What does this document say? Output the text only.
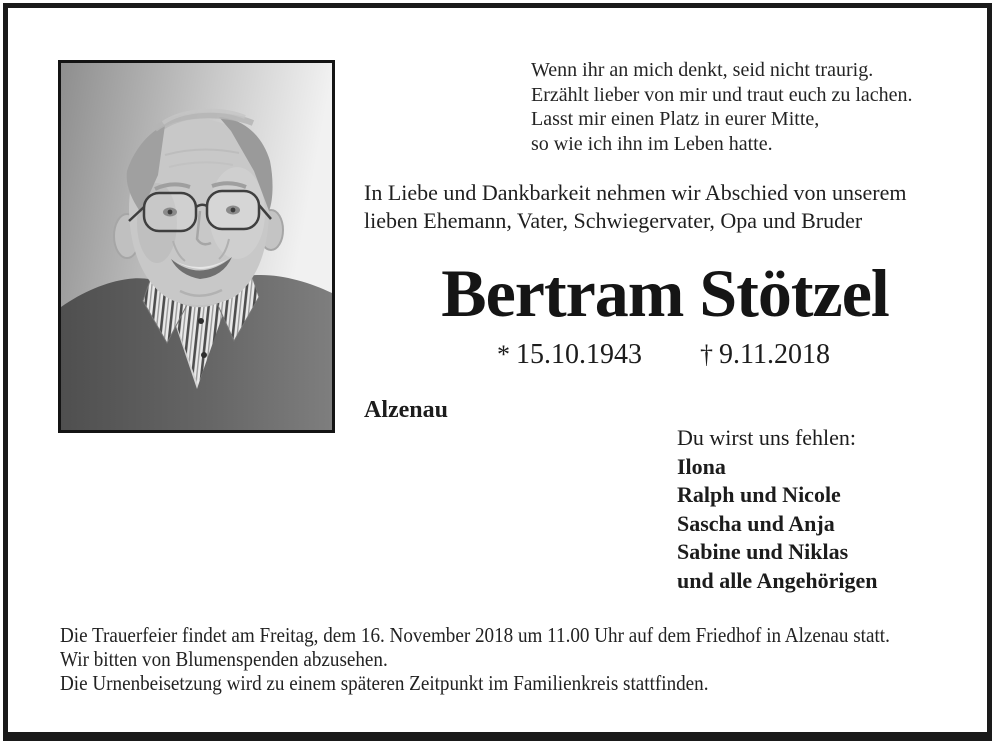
Wenn ihr an mich denkt, seid nicht traurig.
Erzählt lieber von mir und traut euch zu lachen.
Lasst mir einen Platz in eurer Mitte,
so wie ich ihn im Leben hatte.
In Liebe und Dankbarkeit nehmen wir Abschied von unserem
lieben Ehemann, Vater, Schwiegervater, Opa und Bruder
Bertram Stötzel
* 15.10.1943 † 9.11.2018
Alzenau
Du wirst uns fehlen:
Ilona
Ralph und Nicole
Sascha und Anja
Sabine und Niklas
und alle Angehörigen
Die Trauerfeier findet am Freitag, dem 16. November 2018 um 11.00 Uhr auf dem Friedhof in Alzenau statt.
Wir bitten von Blumenspenden abzusehen.
Die Urnenbeisetzung wird zu einem späteren Zeitpunkt im Familienkreis stattfinden.
